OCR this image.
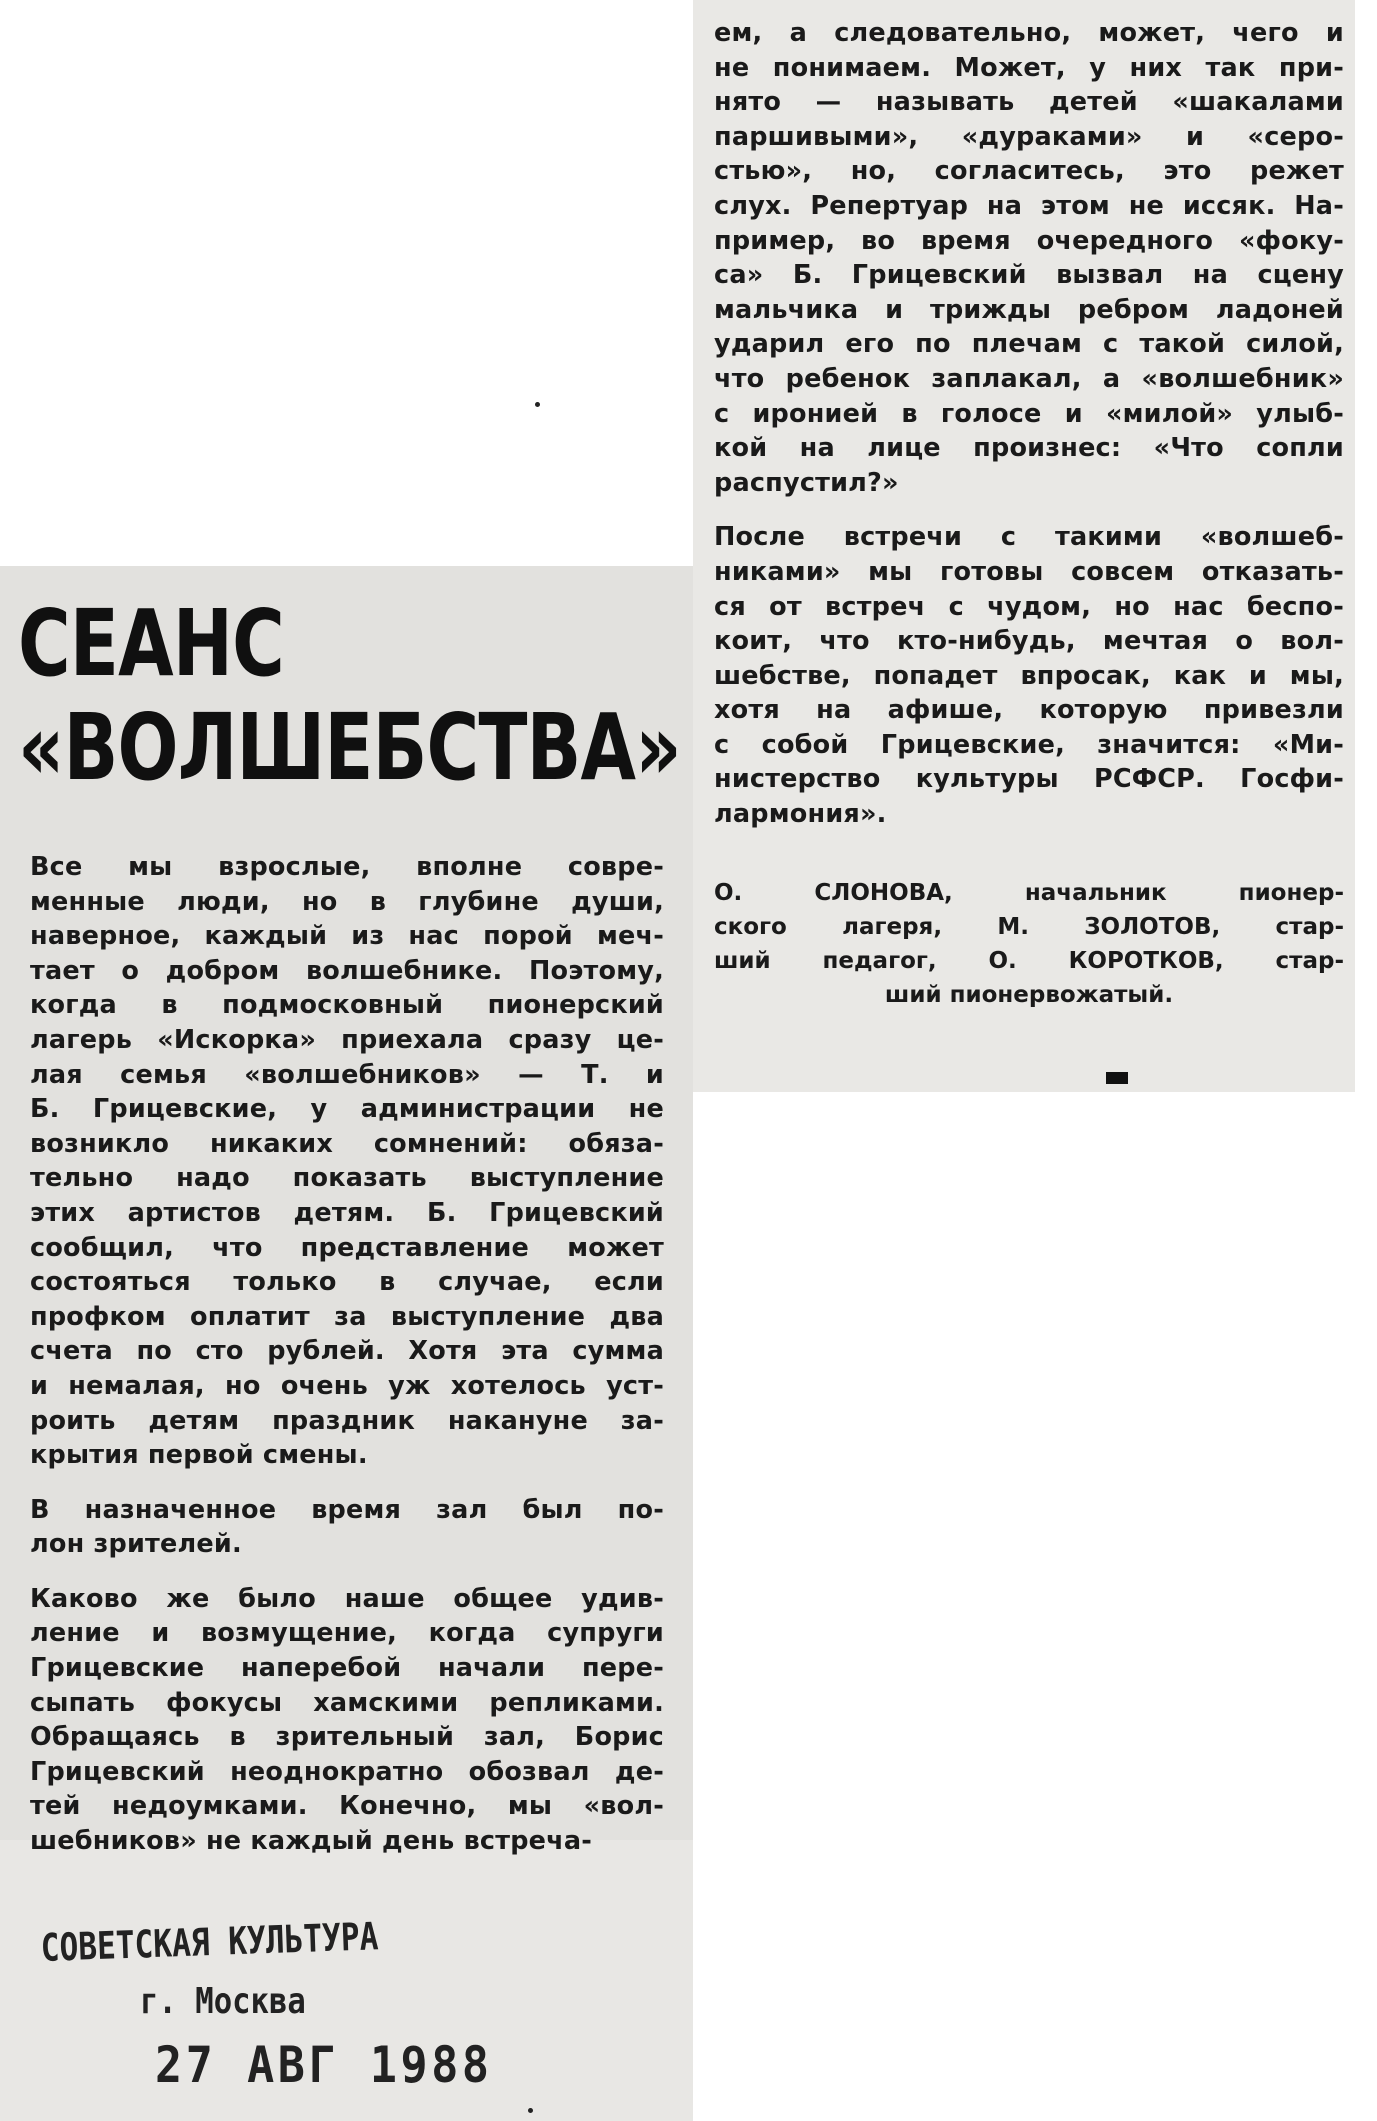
СЕАНС
«ВОЛШЕБСТВА»
Все мы взрослые, вполне совре-
менные люди, но в глубине души,
наверное, каждый из нас порой меч-
тает о добром волшебнике. Поэтому,
когда в подмосковный пионерский
лагерь «Искорка» приехала сразу це-
лая семья «волшебников» — Т. и
Б. Грицевские, у администрации не
возникло никаких сомнений: обяза-
тельно надо показать выступление
этих артистов детям. Б. Грицевский
сообщил, что представление может
состояться только в случае, если
профком оплатит за выступление два
счета по сто рублей. Хотя эта сумма
и немалая, но очень уж хотелось уст-
роить детям праздник накануне за-
крытия первой смены.
В назначенное время зал был по-
лон зрителей.
Каково же было наше общее удив-
ление и возмущение, когда супруги
Грицевские наперебой начали пере-
сыпать фокусы хамскими репликами.
Обращаясь в зрительный зал, Борис
Грицевский неоднократно обозвал де-
тей недоумками. Конечно, мы «вол-
шебников» не каждый день встреча-
ем, а следовательно, может, чего и
не понимаем. Может, у них так при-
нято — называть детей «шакалами
паршивыми», «дураками» и «серо-
стью», но, согласитесь, это режет
слух. Репертуар на этом не иссяк. На-
пример, во время очередного «фоку-
са» Б. Грицевский вызвал на сцену
мальчика и трижды ребром ладоней
ударил его по плечам с такой силой,
что ребенок заплакал, а «волшебник»
с иронией в голосе и «милой» улыб-
кой на лице произнес: «Что сопли
распустил?»
После встречи с такими «волшеб-
никами» мы готовы совсем отказать-
ся от встреч с чудом, но нас беспо-
коит, что кто-нибудь, мечтая о вол-
шебстве, попадет впросак, как и мы,
хотя на афише, которую привезли
с собой Грицевские, значится: «Ми-
нистерство культуры РСФСР. Госфи-
лармония».
О. СЛОНОВА, начальник пионер-
ского лагеря, М. ЗОЛОТОВ, стар-
ший педагог, О. КОРОТКОВ, стар-
ший пионервожатый.
СОВЕТСКАЯ КУЛЬТУРА
г. Москва
27 АВГ 1988
